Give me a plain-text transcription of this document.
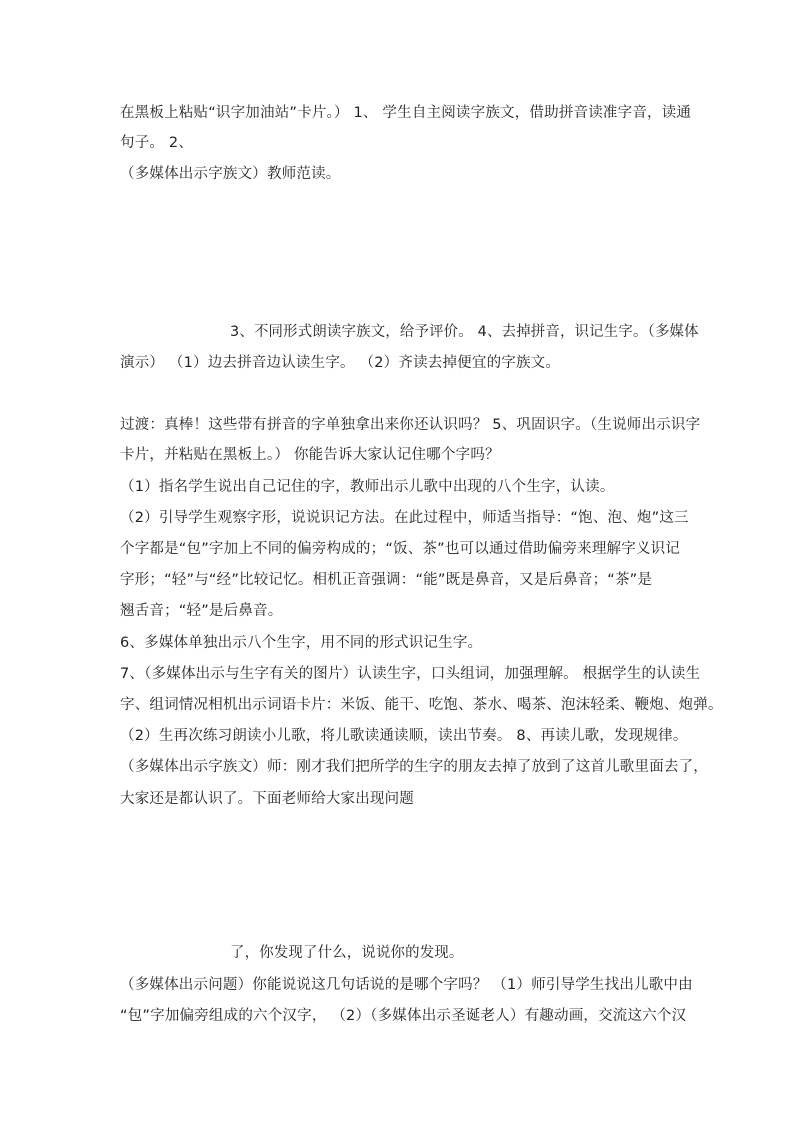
在黑板上粘贴“识字加油站”卡片。） 1、 学生自主阅读字族文，借助拼音读准字音，读通
句子。 2、
（多媒体出示字族文）教师范读。
3、不同形式朗读字族文，给予评价。 4、去掉拼音，识记生字。（多媒体
演示） （1）边去拼音边认读生字。 （2）齐读去掉便宜的字族文。
过渡：真棒！这些带有拼音的字单独拿出来你还认识吗？ 5、巩固识字。（生说师出示识字
卡片，并粘贴在黑板上。） 你能告诉大家认记住哪个字吗？
（1）指名学生说出自己记住的字，教师出示儿歌中出现的八个生字，认读。
（2）引导学生观察字形，说说识记方法。在此过程中，师适当指导：“饱、泡、炮”这三
个字都是“包”字加上不同的偏旁构成的；“饭、茶”也可以通过借助偏旁来理解字义识记
字形；“轻”与“经”比较记忆。相机正音强调：“能”既是鼻音，又是后鼻音；“茶”是
翘舌音；“轻”是后鼻音。
6、多媒体单独出示八个生字，用不同的形式识记生字。
7、（多媒体出示与生字有关的图片）认读生字，口头组词，加强理解。 根据学生的认读生
字、组词情况相机出示词语卡片：米饭、能干、吃饱、茶水、喝茶、泡沫轻柔、鞭炮、炮弹。
（2）生再次练习朗读小儿歌，将儿歌读通读顺，读出节奏。 8、再读儿歌，发现规律。
（多媒体出示字族文）师：刚才我们把所学的生字的朋友去掉了放到了这首儿歌里面去了，
大家还是都认识了。下面老师给大家出现问题
了，你发现了什么，说说你的发现。
（多媒体出示问题）你能说说这几句话说的是哪个字吗？ （1）师引导学生找出儿歌中由
“包”字加偏旁组成的六个汉字， （2）（多媒体出示圣诞老人）有趣动画，交流这六个汉
